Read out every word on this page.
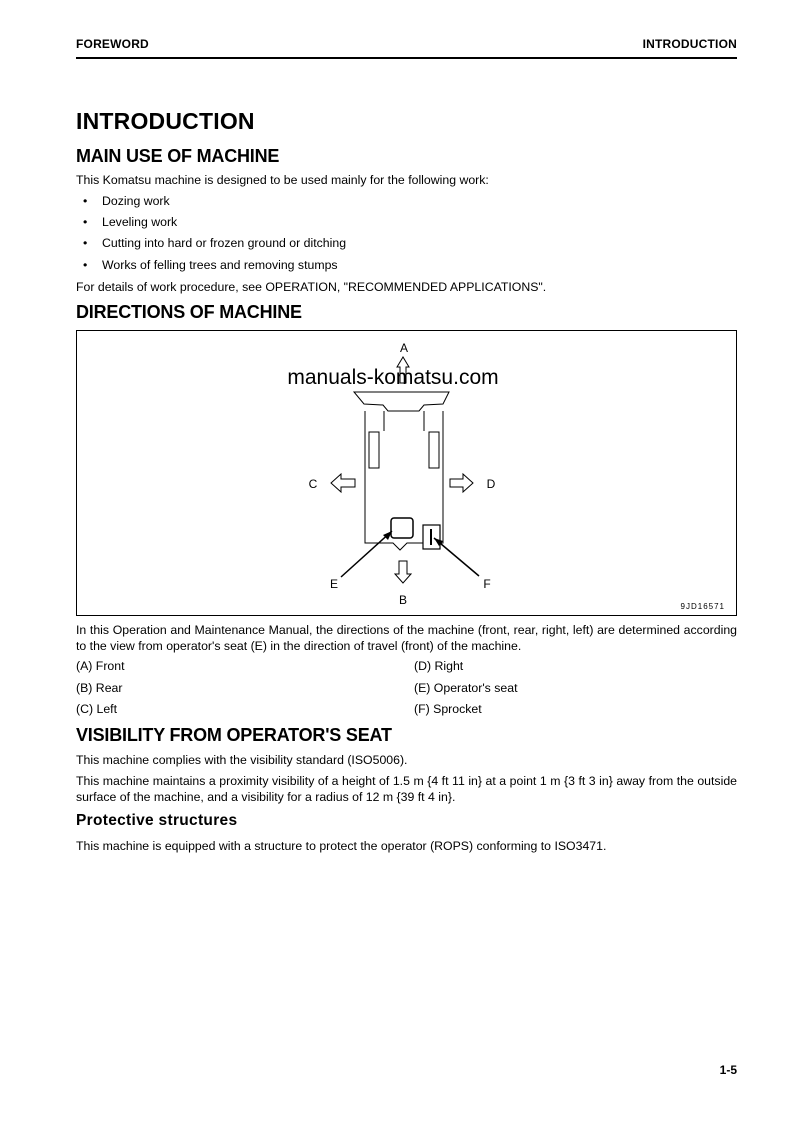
FOREWORD	INTRODUCTION
INTRODUCTION
MAIN USE OF MACHINE
This Komatsu machine is designed to be used mainly for the following work:
• Dozing work
• Leveling work
• Cutting into hard or frozen ground or ditching
• Works of felling trees and removing stumps
For details of work procedure, see OPERATION, "RECOMMENDED APPLICATIONS".
DIRECTIONS OF MACHINE
A
C	D
B
E	F
manuals-komatsu.com
9JD16571
In this Operation and Maintenance Manual, the directions of the machine (front, rear, right, left) are determined according to the view from operator's seat (E) in the direction of travel (front) of the machine.
(A) Front
(B) Rear
(C) Left
(D) Right
(E) Operator's seat
(F) Sprocket
VISIBILITY FROM OPERATOR'S SEAT
This machine complies with the visibility standard (ISO5006).
This machine maintains a proximity visibility of a height of 1.5 m {4 ft 11 in} at a point 1 m {3 ft 3 in} away from the outside surface of the machine, and a visibility for a radius of 12 m {39 ft 4 in}.
Protective structures
This machine is equipped with a structure to protect the operator (ROPS) conforming to ISO3471.
1-5
